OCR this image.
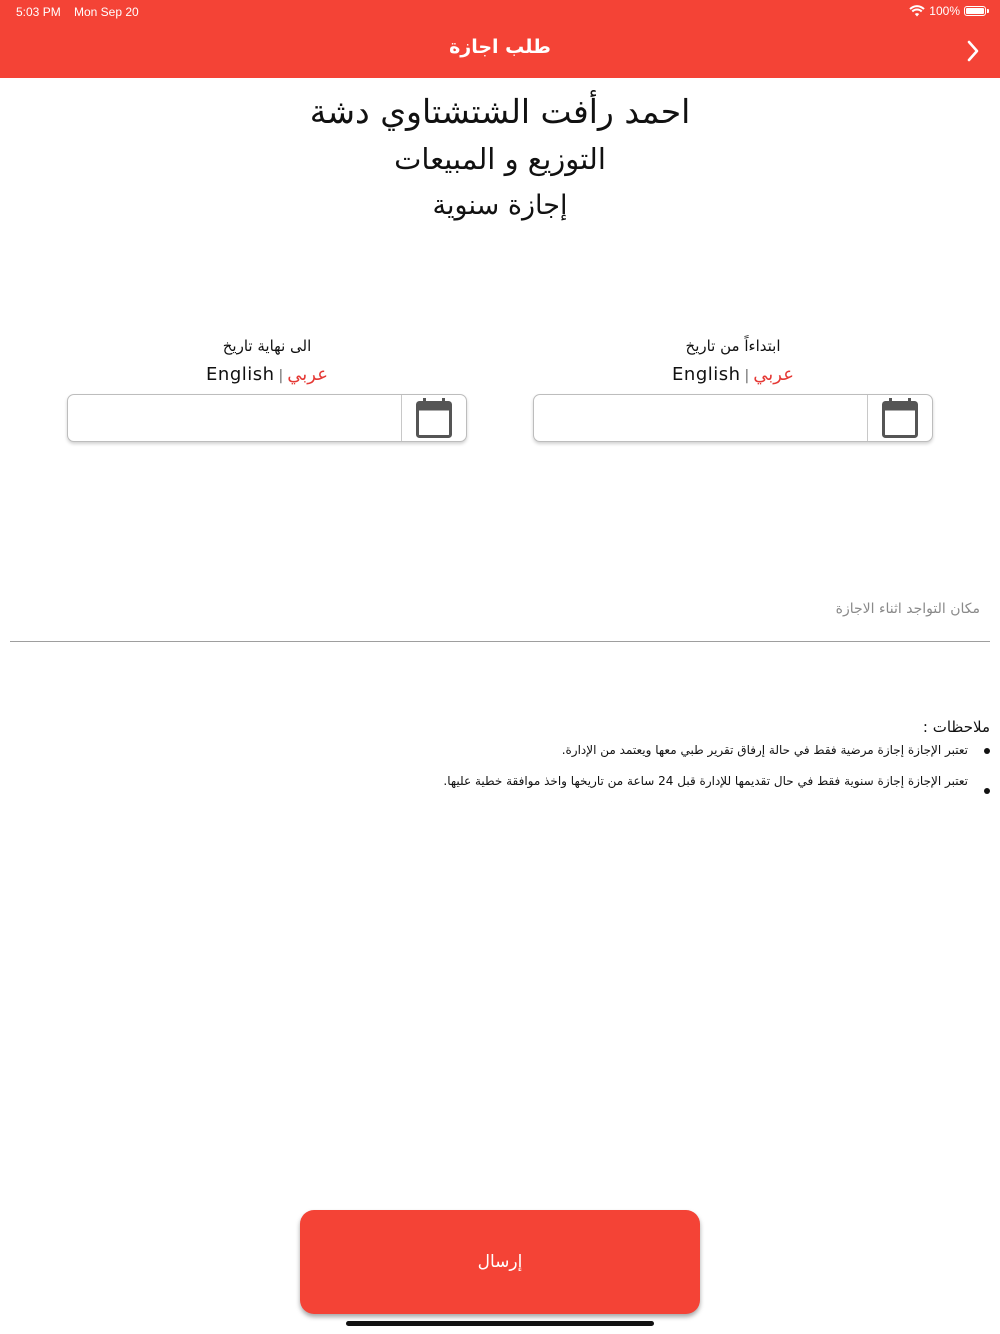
5:03 PM Mon Sep 20	100%
طلب اجازة
احمد رأفت الشتشتاوي دشة
التوزيع و المبيعات
إجازة سنوية
الى نهاية تاريخ
English | عربي
ابتداءاً من تاريخ
English | عربي
مكان التواجد اثناء الاجازة
ملاحظات :
تعتبر الإجازة إجازة مرضية فقط في حالة إرفاق تقرير طبي معها ويعتمد من الإدارة.
تعتبر الإجازة إجازة سنوية فقط في حال تقديمها للإدارة قبل 24 ساعة من تاريخها واخذ موافقة خطية عليها.
إرسال
